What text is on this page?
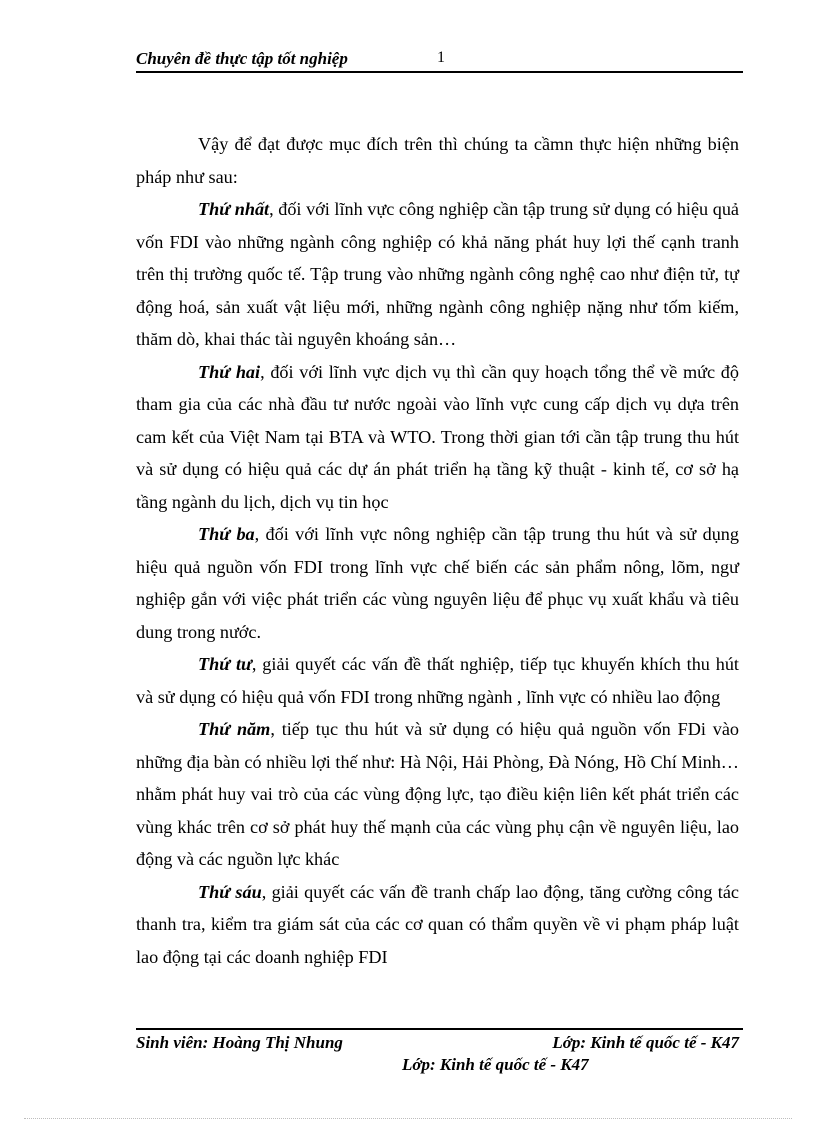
Chuyên đề thực tập tốt nghiệp	1

Vậy để đạt được mục đích trên thì chúng ta cầmn thực hiện những biện pháp như sau:

Thứ nhất, đối với lĩnh vực công nghiệp cần tập trung sử dụng có hiệu quả vốn FDI vào những ngành công nghiệp có khả năng phát huy lợi thế cạnh tranh trên thị trường quốc tế. Tập trung vào những ngành công nghệ cao như điện tử, tự động hoá, sản xuất vật liệu mới, những ngành công nghiệp nặng như tốm kiếm, thăm dò, khai thác tài nguyên khoáng sản…

Thứ hai, đối với lĩnh vực dịch vụ thì cần quy hoạch tổng thể về mức độ tham gia của các nhà đầu tư nước ngoài vào lĩnh vực cung cấp dịch vụ dựa trên cam kết của Việt Nam tại BTA và WTO. Trong thời gian tới cần tập trung thu hút và sử dụng có hiệu quả các dự án phát triển hạ tầng kỹ thuật - kinh tế, cơ sở hạ tầng ngành du lịch, dịch vụ tin học

Thứ ba, đối với lĩnh vực nông nghiệp cần tập trung thu hút và sử dụng hiệu quả nguồn vốn FDI trong lĩnh vực chế biến các sản phẩm nông, lõm, ngư nghiệp gắn với việc phát triển các vùng nguyên liệu để phục vụ xuất khẩu và tiêu dung trong nước.

Thứ tư, giải quyết các vấn đề thất nghiệp, tiếp tục khuyến khích thu hút và sử dụng có hiệu quả vốn FDI trong những ngành , lĩnh vực có nhiều lao động

Thứ năm, tiếp tục thu hút và sử dụng có hiệu quả nguồn vốn FDi vào những địa bàn có nhiều lợi thế như: Hà Nội, Hải Phòng, Đà Nóng, Hồ Chí Minh…nhằm phát huy vai trò của các vùng động lực, tạo điều kiện liên kết phát triển các vùng khác trên cơ sở phát huy thế mạnh của các vùng phụ cận về nguyên liệu, lao động và các nguồn lực khác

Thứ sáu, giải quyết các vấn đề tranh chấp lao động, tăng cường công tác thanh tra, kiểm tra giám sát của các cơ quan có thẩm quyền về vi phạm pháp luật lao động tại các doanh nghiệp FDI

Sinh viên: Hoàng Thị Nhung	Lớp: Kinh tế quốc tế - K47
Lớp: Kinh tế quốc tế - K47
